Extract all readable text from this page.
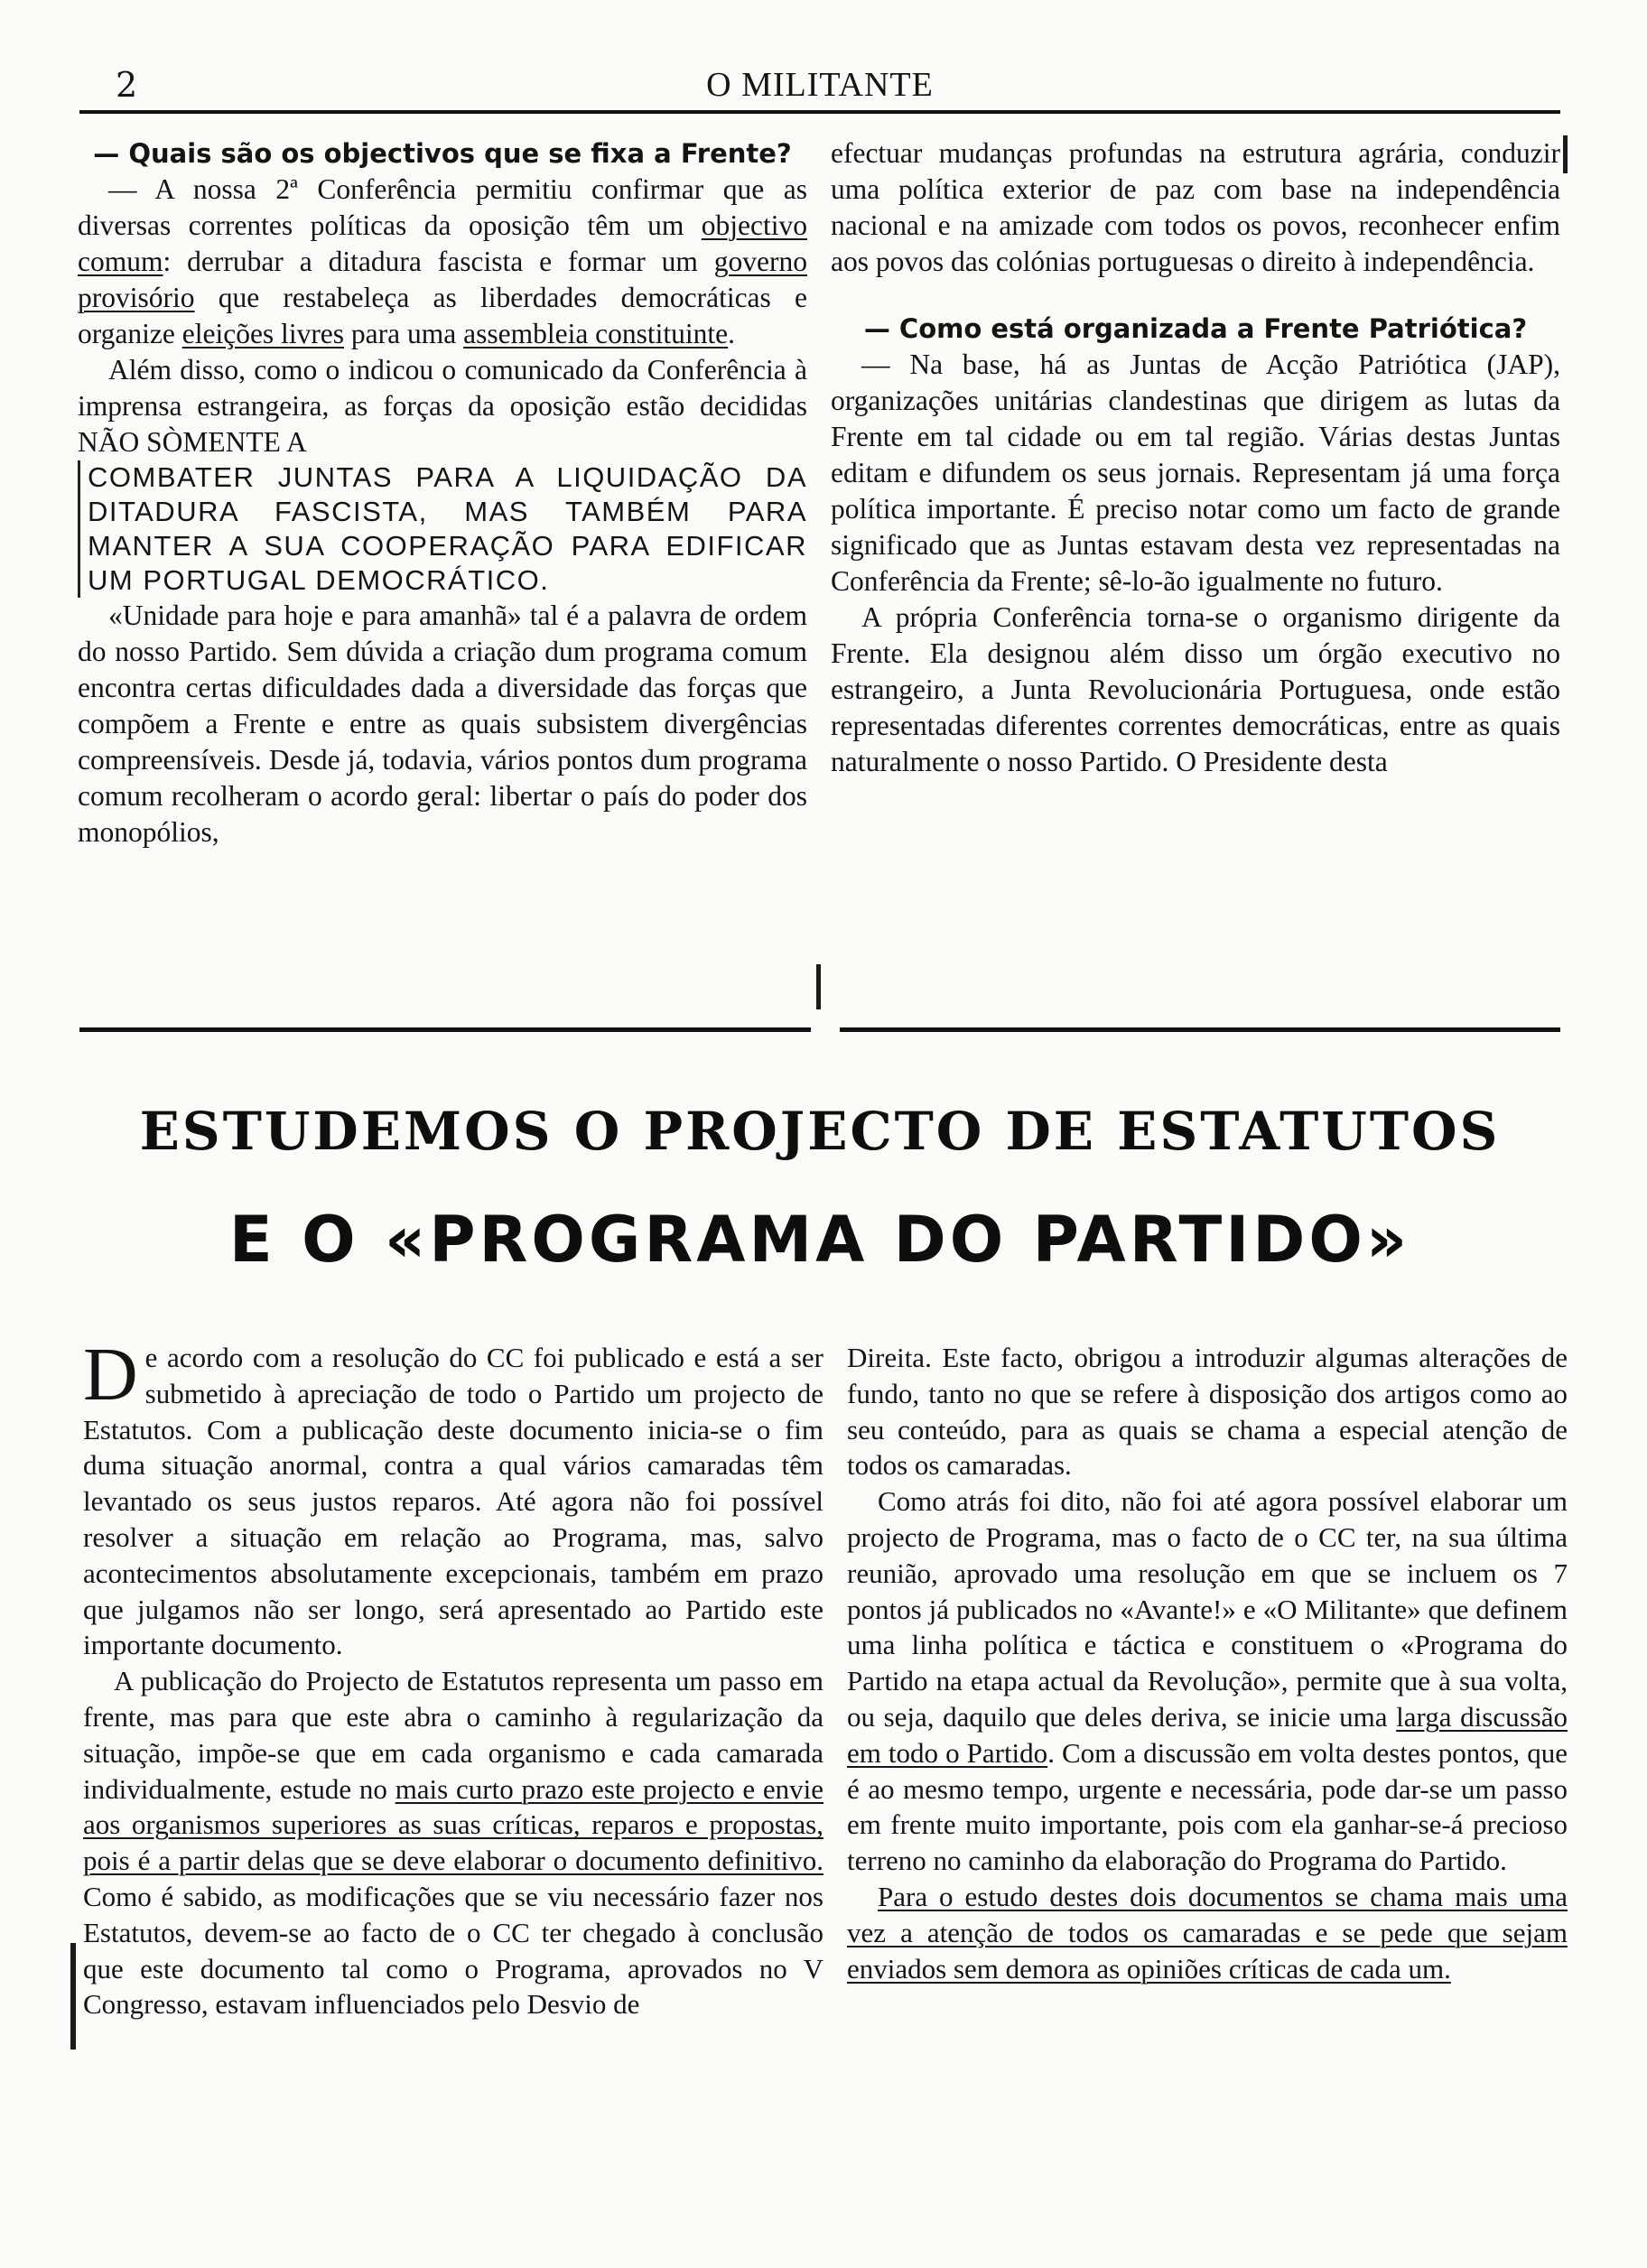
2	O MILITANTE

— Quais são os objectivos que se fixa a Frente?

— A nossa 2ª Conferência permitiu confirmar que as diversas correntes políticas da oposição têm um objectivo comum: derrubar a ditadura fascista e formar um governo provisório que restabeleça as liberdades democráticas e organize eleições livres para uma assembleia constituinte.

Além disso, como o indicou o comunicado da Conferência à imprensa estrangeira, as forças da oposição estão decididas NÃO SÒMENTE A

COMBATER JUNTAS PARA A LIQUIDAÇÃO DA DITADURA FASCISTA, MAS TAMBÉM PARA MANTER A SUA COOPERAÇÃO PARA EDIFICAR UM PORTUGAL DEMOCRÁTICO.

«Unidade para hoje e para amanhã» tal é a palavra de ordem do nosso Partido. Sem dúvida a criação dum programa comum encontra certas dificuldades dada a diversidade das forças que compõem a Frente e entre as quais subsistem divergências compreensíveis. Desde já, todavia, vários pontos dum programa comum recolheram o acordo geral: libertar o país do poder dos monopólios,

efectuar mudanças profundas na estrutura agrária, conduzir uma política exterior de paz com base na independência nacional e na amizade com todos os povos, reconhecer enfim aos povos das colónias portuguesas o direito à independência.

— Como está organizada a Frente Patriótica?

— Na base, há as Juntas de Acção Patriótica (JAP), organizações unitárias clandestinas que dirigem as lutas da Frente em tal cidade ou em tal região. Várias destas Juntas editam e difundem os seus jornais. Representam já uma força política importante. É preciso notar como um facto de grande significado que as Juntas estavam desta vez representadas na Conferência da Frente; sê-lo-ão igualmente no futuro.

A própria Conferência torna-se o organismo dirigente da Frente. Ela designou além disso um órgão executivo no estrangeiro, a Junta Revolucionária Portuguesa, onde estão representadas diferentes correntes democráticas, entre as quais naturalmente o nosso Partido. O Presidente desta

ESTUDEMOS O PROJECTO DE ESTATUTOS
E O «PROGRAMA DO PARTIDO»

De acordo com a resolução do CC foi publicado e está a ser submetido à apreciação de todo o Partido um projecto de Estatutos. Com a publicação deste documento inicia-se o fim duma situação anormal, contra a qual vários camaradas têm levantado os seus justos reparos. Até agora não foi possível resolver a situação em relação ao Programa, mas, salvo acontecimentos absolutamente excepcionais, também em prazo que julgamos não ser longo, será apresentado ao Partido este importante documento.

A publicação do Projecto de Estatutos representa um passo em frente, mas para que este abra o caminho à regularização da situação, impõe-se que em cada organismo e cada camarada individualmente, estude no mais curto prazo este projecto e envie aos organismos superiores as suas críticas, reparos e propostas, pois é a partir delas que se deve elaborar o documento definitivo. Como é sabido, as modificações que se viu necessário fazer nos Estatutos, devem-se ao facto de o CC ter chegado à conclusão que este documento tal como o Programa, aprovados no V Congresso, estavam influenciados pelo Desvio de

Direita. Este facto, obrigou a introduzir algumas alterações de fundo, tanto no que se refere à disposição dos artigos como ao seu conteúdo, para as quais se chama a especial atenção de todos os camaradas.

Como atrás foi dito, não foi até agora possível elaborar um projecto de Programa, mas o facto de o CC ter, na sua última reunião, aprovado uma resolução em que se incluem os 7 pontos já publicados no «Avante!» e «O Militante» que definem uma linha política e táctica e constituem o «Programa do Partido na etapa actual da Revolução», permite que à sua volta, ou seja, daquilo que deles deriva, se inicie uma larga discussão em todo o Partido. Com a discussão em volta destes pontos, que é ao mesmo tempo, urgente e necessária, pode dar-se um passo em frente muito importante, pois com ela ganhar-se-á precioso terreno no caminho da elaboração do Programa do Partido.

Para o estudo destes dois documentos se chama mais uma vez a atenção de todos os camaradas e se pede que sejam enviados sem demora as opiniões críticas de cada um.
